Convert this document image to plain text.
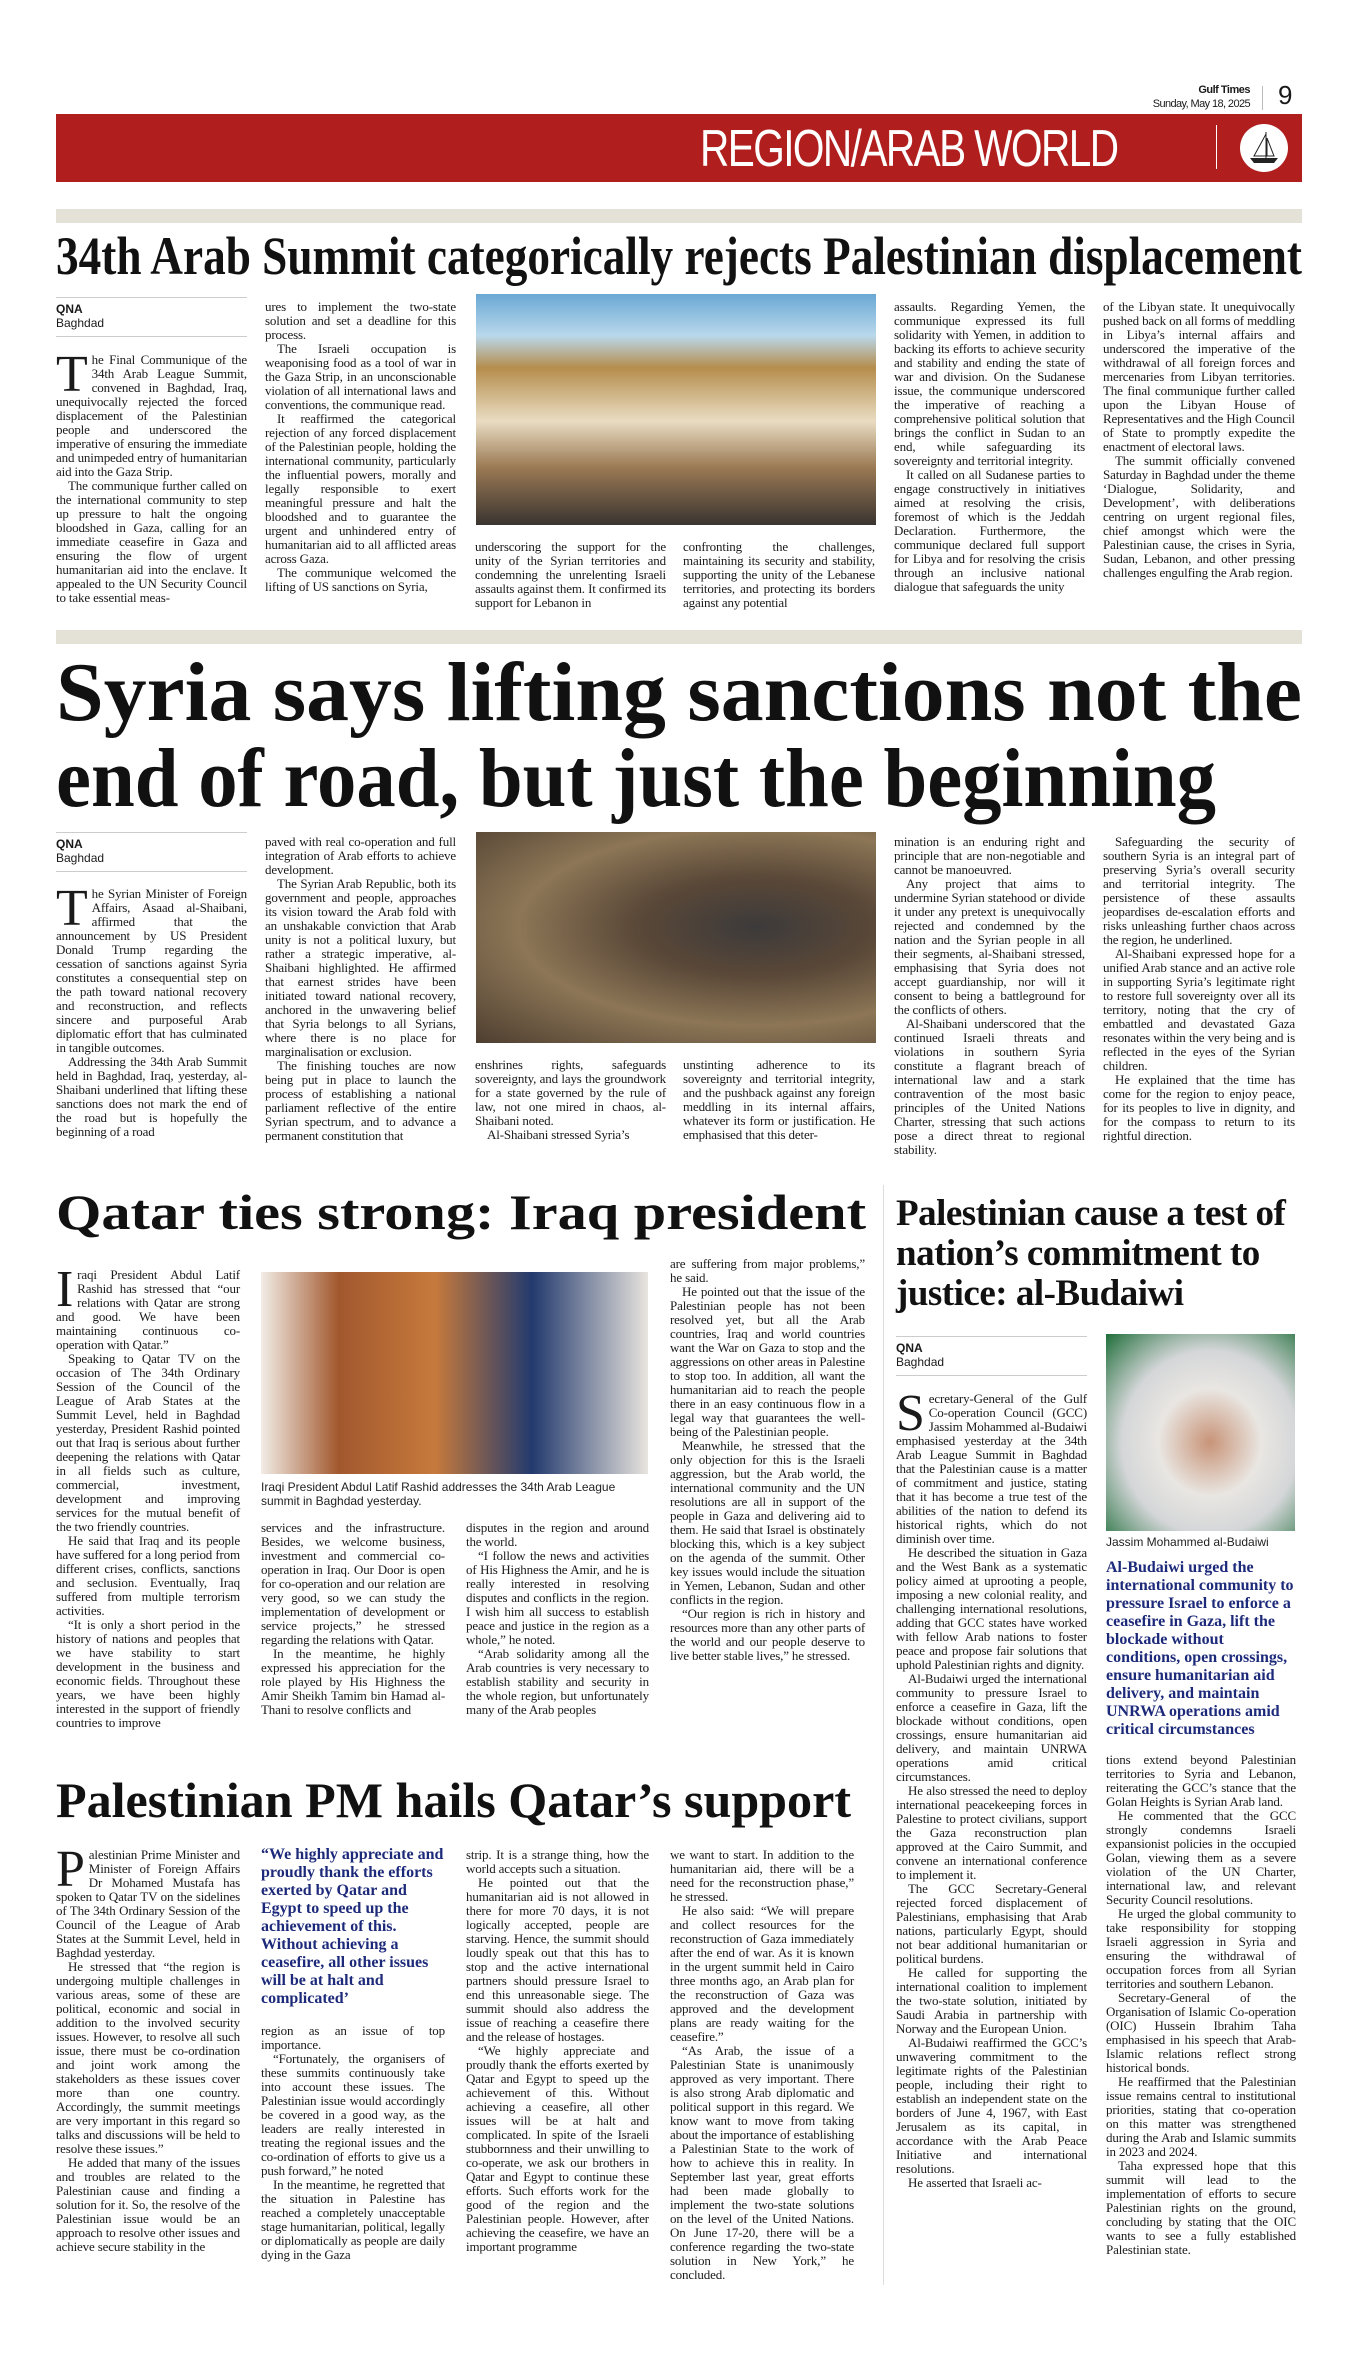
Gulf Times
Sunday, May 18, 2025 9
REGION/ARAB WORLD
34th Arab Summit categorically rejects Palestinian displacement
QNA
Baghdad

The Final Communique of the 34th Arab League Summit, convened in Baghdad, Iraq, unequivocally rejected the forced displacement of the Palestinian people and underscored the imperative of ensuring the immediate and unimpeded entry of humanitarian aid into the Gaza Strip.

The communique further called on the international community to step up pressure to halt the ongoing bloodshed in Gaza, calling for an immediate ceasefire in Gaza and ensuring the flow of urgent humanitarian aid into the enclave. It appealed to the UN Security Council to take essential meas-

ures to implement the two-state solution and set a deadline for this process.

The Israeli occupation is weaponising food as a tool of war in the Gaza Strip, in an unconscionable violation of all international laws and conventions, the communique read.

It reaffirmed the categorical rejection of any forced displacement of the Palestinian people, holding the international community, particularly the influential powers, morally and legally responsible to exert meaningful pressure and halt the bloodshed and to guarantee the urgent and unhindered entry of humanitarian aid to all afflicted areas across Gaza.

The communique welcomed the lifting of US sanctions on Syria,

underscoring the support for the unity of the Syrian territories and condemning the unrelenting Israeli assaults against them. It confirmed its support for Lebanon in

confronting the challenges, maintaining its security and stability, supporting the unity of the Lebanese territories, and protecting its borders against any potential

assaults. Regarding Yemen, the communique expressed its full solidarity with Yemen, in addition to backing its efforts to achieve security and stability and ending the state of war and division. On the Sudanese issue, the communique underscored the imperative of reaching a comprehensive political solution that brings the conflict in Sudan to an end, while safeguarding its sovereignty and territorial integrity.

It called on all Sudanese parties to engage constructively in initiatives aimed at resolving the crisis, foremost of which is the Jeddah Declaration. Furthermore, the communique declared full support for Libya and for resolving the crisis through an inclusive national dialogue that safeguards the unity

of the Libyan state. It unequivocally pushed back on all forms of meddling in Libya’s internal affairs and underscored the imperative of the withdrawal of all foreign forces and mercenaries from Libyan territories. The final communique further called upon the Libyan House of Representatives and the High Council of State to promptly expedite the enactment of electoral laws.

The summit officially convened Saturday in Baghdad under the theme ‘Dialogue, Solidarity, and Development’, with deliberations centring on urgent regional files, chief amongst which were the Palestinian cause, the crises in Syria, Sudan, Lebanon, and other pressing challenges engulfing the Arab region.

Syria says lifting sanctions not the
end of road, but just the beginning
QNA
Baghdad

The Syrian Minister of Foreign Affairs, Asaad al-Shaibani, affirmed that the announcement by US President Donald Trump regarding the cessation of sanctions against Syria constitutes a consequential step on the path toward national recovery and reconstruction, and reflects sincere and purposeful Arab diplomatic effort that has culminated in tangible outcomes.

Addressing the 34th Arab Summit held in Baghdad, Iraq, yesterday, al-Shaibani underlined that lifting these sanctions does not mark the end of the road but is hopefully the beginning of a road

paved with real co-operation and full integration of Arab efforts to achieve development.

The Syrian Arab Republic, both its government and people, approaches its vision toward the Arab fold with an unshakable conviction that Arab unity is not a political luxury, but rather a strategic imperative, al-Shaibani highlighted. He affirmed that earnest strides have been initiated toward national recovery, anchored in the unwavering belief that Syria belongs to all Syrians, where there is no place for marginalisation or exclusion.

The finishing touches are now being put in place to launch the process of establishing a national parliament reflective of the entire Syrian spectrum, and to advance a permanent constitution that

enshrines rights, safeguards sovereignty, and lays the groundwork for a state governed by the rule of law, not one mired in chaos, al-Shaibani noted.

Al-Shaibani stressed Syria’s

unstinting adherence to its sovereignty and territorial integrity, and the pushback against any foreign meddling in its internal affairs, whatever its form or justification. He emphasised that this deter-

mination is an enduring right and principle that are non-negotiable and cannot be manoeuvred.

Any project that aims to undermine Syrian statehood or divide it under any pretext is unequivocally rejected and condemned by the nation and the Syrian people in all their segments, al-Shaibani stressed, emphasising that Syria does not accept guardianship, nor will it consent to being a battleground for the conflicts of others.

Al-Shaibani underscored that the continued Israeli threats and violations in southern Syria constitute a flagrant breach of international law and a stark contravention of the most basic principles of the United Nations Charter, stressing that such actions pose a direct threat to regional stability.

Safeguarding the security of southern Syria is an integral part of preserving Syria’s overall security and territorial integrity. The persistence of these assaults jeopardises de-escalation efforts and risks unleashing further chaos across the region, he underlined.

Al-Shaibani expressed hope for a unified Arab stance and an active role in supporting Syria’s legitimate right to restore full sovereignty over all its territory, noting that the cry of embattled and devastated Gaza resonates within the very being and is reflected in the eyes of the Syrian children.

He explained that the time has come for the region to enjoy peace, for its peoples to live in dignity, and for the compass to return to its rightful direction.

Qatar ties strong: Iraq president

Iraqi President Abdul Latif Rashid has stressed that “our relations with Qatar are strong and good. We have been maintaining continuous co-operation with Qatar.”

Speaking to Qatar TV on the occasion of The 34th Ordinary Session of the Council of the League of Arab States at the Summit Level, held in Baghdad yesterday, President Rashid pointed out that Iraq is serious about further deepening the relations with Qatar in all fields such as culture, commercial, investment, development and improving services for the mutual benefit of the two friendly countries.

He said that Iraq and its people have suffered for a long period from different crises, conflicts, sanctions and seclusion. Eventually, Iraq suffered from multiple terrorism activities.

“It is only a short period in the history of nations and peoples that we have stability to start development in the business and economic fields. Throughout these years, we have been highly interested in the support of friendly countries to improve

Iraqi President Abdul Latif Rashid addresses the 34th Arab League summit in Baghdad yesterday.

services and the infrastructure. Besides, we welcome business, investment and commercial co-operation in Iraq. Our Door is open for co-operation and our relation are very good, so we can study the implementation of development or service projects,” he stressed regarding the relations with Qatar.

In the meantime, he highly expressed his appreciation for the role played by His Highness the Amir Sheikh Tamim bin Hamad al-Thani to resolve conflicts and

disputes in the region and around the world.

“I follow the news and activities of His Highness the Amir, and he is really interested in resolving disputes and conflicts in the region. I wish him all success to establish peace and justice in the region as a whole,” he noted.

“Arab solidarity among all the Arab countries is very necessary to establish stability and security in the whole region, but unfortunately many of the Arab peoples

are suffering from major problems,” he said.

He pointed out that the issue of the Palestinian people has not been resolved yet, but all the Arab countries, Iraq and world countries want the War on Gaza to stop and the aggressions on other areas in Palestine to stop too. In addition, all want the humanitarian aid to reach the people there in an easy continuous flow in a legal way that guarantees the well-being of the Palestinian people.

Meanwhile, he stressed that the only objection for this is the Israeli aggression, but the Arab world, the international community and the UN resolutions are all in support of the people in Gaza and delivering aid to them. He said that Israel is obstinately blocking this, which is a key subject on the agenda of the summit. Other key issues would include the situation in Yemen, Lebanon, Sudan and other conflicts in the region.

“Our region is rich in history and resources more than any other parts of the world and our people deserve to live better stable lives,” he stressed.

Palestinian cause a test of nation’s commitment to justice: al-Budaiwi
QNA
Baghdad

Secretary-General of the Gulf Co-operation Council (GCC) Jassim Mohammed al-Budaiwi emphasised yesterday at the 34th Arab League Summit in Baghdad that the Palestinian cause is a matter of commitment and justice, stating that it has become a true test of the abilities of the nation to defend its historical rights, which do not diminish over time.

He described the situation in Gaza and the West Bank as a systematic policy aimed at uprooting a people, imposing a new colonial reality, and challenging international resolutions, adding that GCC states have worked with fellow Arab nations to foster peace and propose fair solutions that uphold Palestinian rights and dignity.

Al-Budaiwi urged the international community to pressure Israel to enforce a ceasefire in Gaza, lift the blockade without conditions, open crossings, ensure humanitarian aid delivery, and maintain UNRWA operations amid critical circumstances.

He also stressed the need to deploy international peacekeeping forces in Palestine to protect civilians, support the Gaza reconstruction plan approved at the Cairo Summit, and convene an international conference to implement it.

The GCC Secretary-General rejected forced displacement of Palestinians, emphasising that Arab nations, particularly Egypt, should not bear additional humanitarian or political burdens.

He called for supporting the international coalition to implement the two-state solution, initiated by Saudi Arabia in partnership with Norway and the European Union.

Al-Budaiwi reaffirmed the GCC’s unwavering commitment to the legitimate rights of the Palestinian people, including their right to establish an independent state on the borders of June 4, 1967, with East Jerusalem as its capital, in accordance with the Arab Peace Initiative and international resolutions.

He asserted that Israeli ac-

Jassim Mohammed al-Budaiwi
Al-Budaiwi urged the international community to pressure Israel to enforce a ceasefire in Gaza, lift the blockade without conditions, open crossings, ensure humanitarian aid delivery, and maintain UNRWA operations amid critical circumstances

tions extend beyond Palestinian territories to Syria and Lebanon, reiterating the GCC’s stance that the Golan Heights is Syrian Arab land.

He commented that the GCC strongly condemns Israeli expansionist policies in the occupied Golan, viewing them as a severe violation of the UN Charter, international law, and relevant Security Council resolutions.

He urged the global community to take responsibility for stopping Israeli aggression in Syria and ensuring the withdrawal of occupation forces from all Syrian territories and southern Lebanon.

Secretary-General of the Organisation of Islamic Co-operation (OIC) Hussein Ibrahim Taha emphasised in his speech that Arab-Islamic relations reflect strong historical bonds.

He reaffirmed that the Palestinian issue remains central to institutional priorities, stating that co-operation on this matter was strengthened during the Arab and Islamic summits in 2023 and 2024.

Taha expressed hope that this summit will lead to the implementation of efforts to secure Palestinian rights on the ground, concluding by stating that the OIC wants to see a fully established Palestinian state.

Palestinian PM hails Qatar’s support

Palestinian Prime Minister and Minister of Foreign Affairs Dr Mohamed Mustafa has spoken to Qatar TV on the sidelines of The 34th Ordinary Session of the Council of the League of Arab States at the Summit Level, held in Baghdad yesterday.

He stressed that “the region is undergoing multiple challenges in various areas, some of these are political, economic and social in addition to the involved security issues. However, to resolve all such issue, there must be co-ordination and joint work among the stakeholders as these issues cover more than one country. Accordingly, the summit meetings are very important in this regard so talks and discussions will be held to resolve these issues.”

He added that many of the issues and troubles are related to the Palestinian cause and finding a solution for it. So, the resolve of the Palestinian issue would be an approach to resolve other issues and achieve secure stability in the

“We highly appreciate and proudly thank the efforts exerted by Qatar and Egypt to speed up the achievement of this. Without achieving a ceasefire, all other issues will be at halt and complicated’

region as an issue of top importance.

“Fortunately, the organisers of these summits continuously take into account these issues. The Palestinian issue would accordingly be covered in a good way, as the leaders are really interested in treating the regional issues and the co-ordination of efforts to give us a push forward,” he noted

In the meantime, he regretted that the situation in Palestine has reached a completely unacceptable stage humanitarian, political, legally or diplomatically as people are daily dying in the Gaza

strip. It is a strange thing, how the world accepts such a situation.

He pointed out that the humanitarian aid is not allowed in there for more 70 days, it is not logically accepted, people are starving. Hence, the summit should loudly speak out that this has to stop and the active international partners should pressure Israel to end this unreasonable siege. The summit should also address the issue of reaching a ceasefire there and the release of hostages.

“We highly appreciate and proudly thank the efforts exerted by Qatar and Egypt to speed up the achievement of this. Without achieving a ceasefire, all other issues will be at halt and complicated. In spite of the Israeli stubbornness and their unwilling to co-operate, we ask our brothers in Qatar and Egypt to continue these efforts. Such efforts work for the good of the region and the Palestinian people. However, after achieving the ceasefire, we have an important programme

we want to start. In addition to the humanitarian aid, there will be a need for the reconstruction phase,” he stressed.

He also said: “We will prepare and collect resources for the reconstruction of Gaza immediately after the end of war. As it is known in the urgent summit held in Cairo three months ago, an Arab plan for the reconstruction of Gaza was approved and the development plans are ready waiting for the ceasefire.”

“As Arab, the issue of a Palestinian State is unanimously approved as very important. There is also strong Arab diplomatic and political support in this regard. We know want to move from taking about the importance of establishing a Palestinian State to the work of how to achieve this in reality. In September last year, great efforts had been made globally to implement the two-state solutions on the level of the United Nations. On June 17-20, there will be a conference regarding the two-state solution in New York,” he concluded.
